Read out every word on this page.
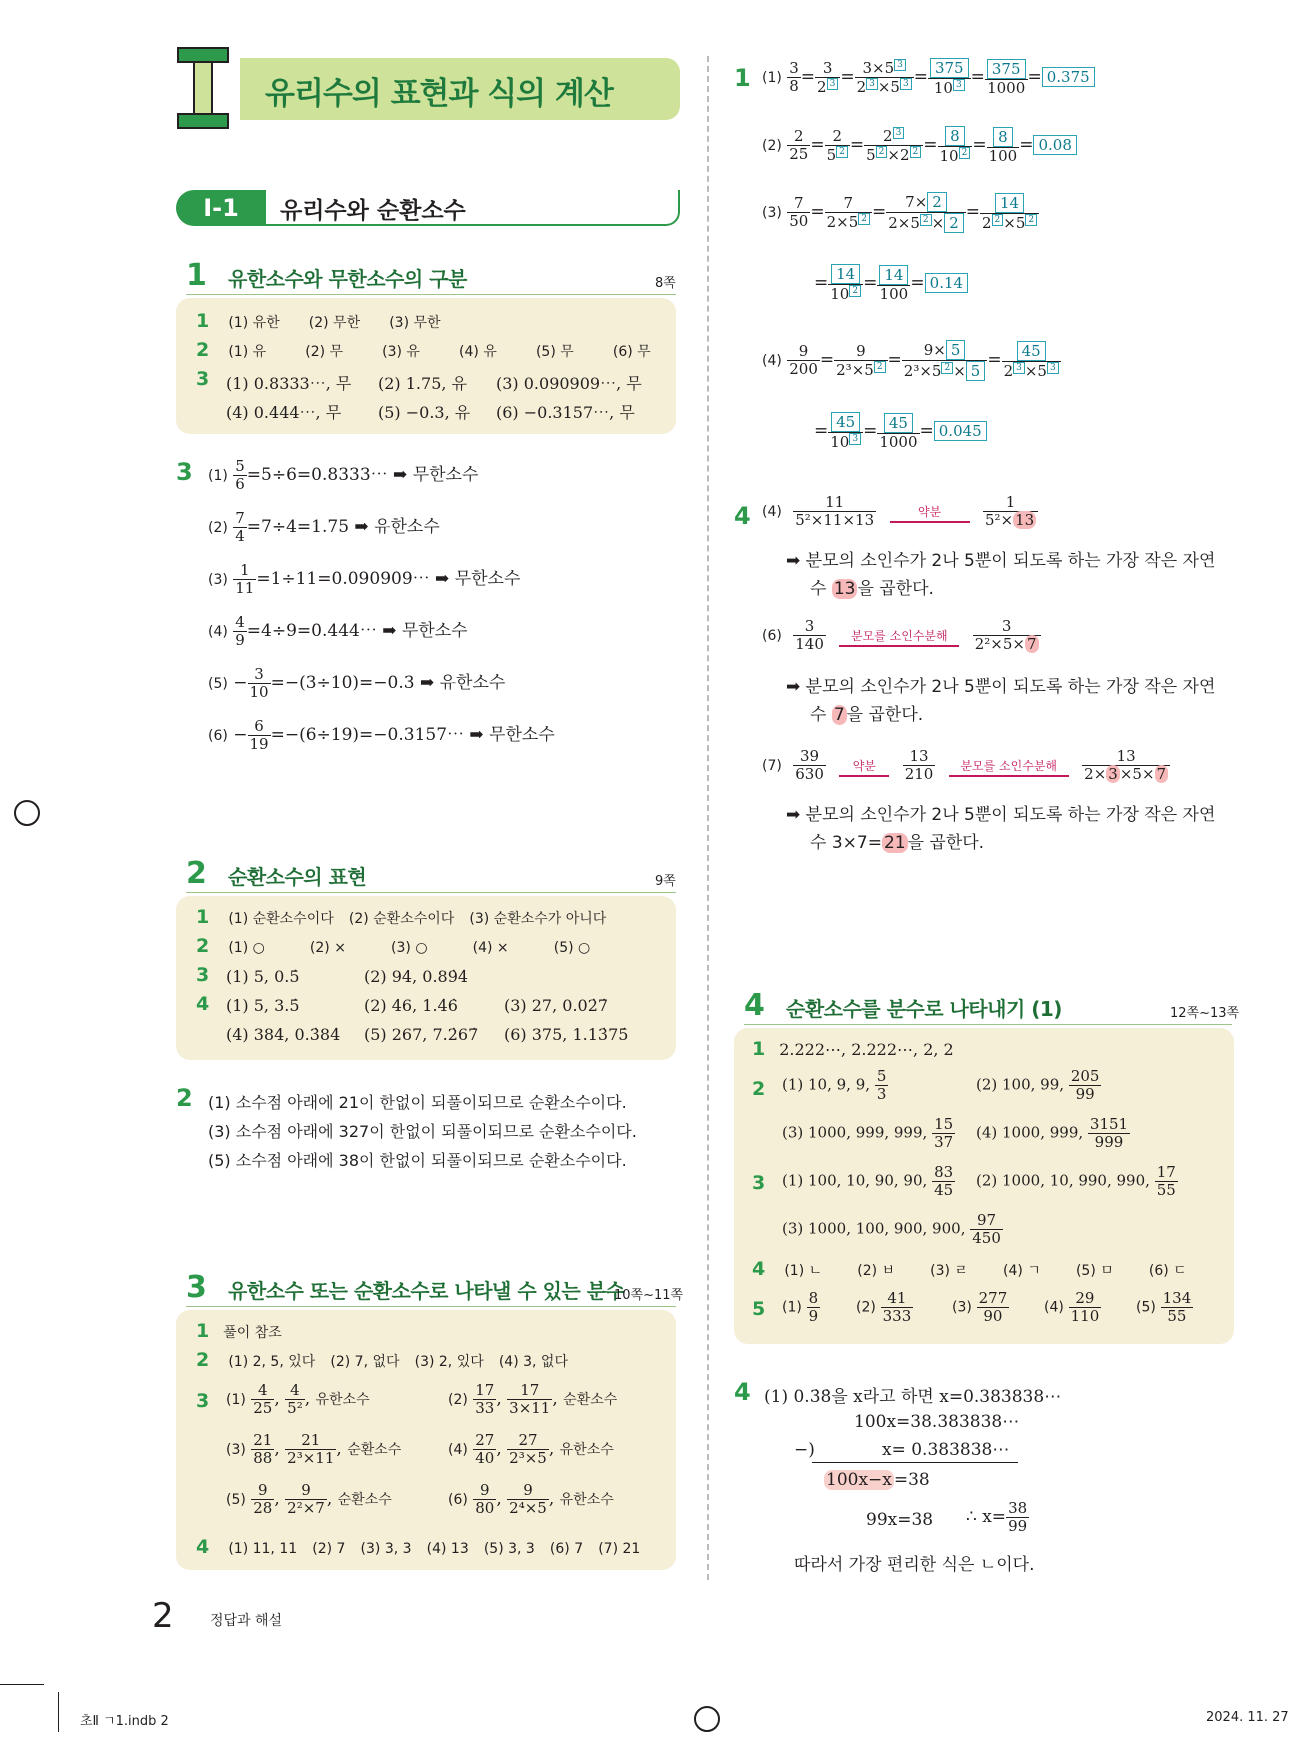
유리수의 표현과 식의 계산
I-1	유리수와 순환소수
1 유한소수와 무한소수의 구분	8쪽
1 (1) 유한 (2) 무한 (3) 무한
2 (1) 유	(2) 무	(3) 유	(4) 유	(5) 무	(6) 무
3 (1) 0.8333⋯, 무 (2) 1.75, 유 (3) 0.090909⋯, 무
(4) 0.444⋯, 무 (5) −0.3, 유 (6) −0.3157⋯, 무
3 $(1) \frac{5}{6}$ =5÷6=0.8333⋯ ➡ 무한소수
$(2) \frac{7}{4} =7\div 4=1.75$ ➡ 유한소수
$(3) \frac{1}{11}$ =1÷11=0.090909⋯ ➡ 무한소수
$(4) \frac{4}{9}$ =4÷9=0.444⋯ ➡ 무한소수
$(5) - \frac{3}{10} =-(3\div 10)=-0.3$ ➡ 유한소수
$(6) - \frac{6}{19}$ =−(6÷19)=−0.3157⋯ ➡ 무한소수
2 순환소수의 표현	9쪽
1 (1) 순환소수이다 (2) 순환소수이다 (3) 순환소수가 아니다
2 (1) ○	(2) ×	(3) ○	(4) ×	(5) ○
3 (1) 5, 0.5̇	(2) 94, 0.89̇4̇
4 (1) 5, 3.5̇	(2) 46, 1.4̇6̇	(3) 27, 0.02̇7̇
(4) 384, 0.3̇84̇ (5) 267, 7.2̇67̇ (6) 375, 1.13̇75̇
2 (1) 소수점 아래에 21이 한없이 되풀이되므로 순환소수이다.
(3) 소수점 아래에 327이 한없이 되풀이되므로 순환소수이다.
(5) 소수점 아래에 38이 한없이 되풀이되므로 순환소수이다.
3 유한소수 또는 순환소수로 나타낼 수 있는 분수
10쪽~11쪽
1 풀이 참조
2 (1) 2, 5, 있다 (2) 7, 없다 (3) 2, 있다 (4) 3, 없다
3 $(1) \frac{4}{25}$ , $\frac{4}{\text{5²}}$ , 유한소수	$(2) \frac{17}{33}$ , $\frac{17}{3\times 11}$ , 순환소수
$(3) \frac{21}{88}$ , $\frac{21}{\text{2³×11}}$ , 순환소수	$(4) \frac{27}{40}$ , $\frac{27}{\text{2³×5}}$ , 유한소수
$(5) \frac{9}{28}$ , $\frac{9}{\text{2²×7}}$ , 순환소수	$(6) \frac{9}{80}$ , $\frac{9}{\text{2⁴×5}}$ , 유한소수
4 (1) 11, 11 (2) 7 (3) 3, 3 (4) 13 (5) 3, 3 (6) 7 (7) 21
1 $(1) \frac{3}{8} = \frac{3}{2 3} = \frac{3\times 5 3}{2 3 \times 5 3} = \frac{375}{10 3} = \frac{375}{1000} = 0.375$
$(2) \frac{2}{25} = \frac{2}{5 2} = \frac{2 3}{5 2 \times 2 2} = \frac{8}{10 2} = \frac{8}{100} = 0.08$
$(3) \frac{7}{50} = \frac{7}{2\times 5 2} = \frac{7\times 2}{2\times 5 2 \times 2} = \frac{14}{2 2 \times 5 2}$
= $\frac{14}{10 2} = \frac{14}{100} = 0.14$
$(4) \frac{9}{200} = \frac{9}{\text{2³×5 2}} = \frac{9\times 5}{\text{2³×5 2 × 5}} = \frac{45}{2 3 \times 5 3}$
= $\frac{45}{10 3} = \frac{45}{1000} = 0.045$
4 $(4) \frac{11}{\text{5²×11×13}}$	약분
	$\frac{1}{\text{5²× 13}}$
➡ 분모의 소인수가 2나 5뿐이 되도록 하는 가장 작은 자연
수 13 을 곱한다.
$(6) \frac{3}{140}$ 분모를 소인수분해
$\frac{3}{\text{2²×5× 7}}$
➡ 분모의 소인수가 2나 5뿐이 되도록 하는 가장 작은 자연
수 7 을 곱한다.
$(7) \frac{39}{630}$ 약분
$\frac{13}{210}$ 분모를 소인수분해
$\frac{13}{2\times 3 \times 5\times 7}$
➡ 분모의 소인수가 2나 5뿐이 되도록 하는 가장 작은 자연
수 3×7= 21 을 곱한다.
4 순환소수를 분수로 나타내기 (1)	12쪽~13쪽
1 2.222⋯, 2.222⋯, 2, 2
2 (1) 10, 9, 9, $\frac{5}{3}$	(2) 100, 99, $\frac{205}{99}$
(3) 1000, 999, 999, $\frac{15}{37} (4)$ 1000, 999, $\frac{3151}{999}$
3 (1) 100, 10, 90, 90, $\frac{83}{45} (2)$ 1000, 10, 990, 990, $\frac{17}{55}$
(3) 1000, 100, 900, 900, $\frac{97}{450}$
4 (1) ㄴ	(2) ㅂ	(3) ㄹ	(4) ㄱ	(5) ㅁ	(6) ㄷ
5 $(1) \frac{8}{9}$	$(2) \frac{41}{333}$	$(3) \frac{277}{90} (4) \frac{29}{110} (5) \frac{134}{55}$
4 (1) 0.3̇8̇을 x라고 하면 x=0.383838⋯
100x=38.383838⋯
−)	x= 0.383838⋯
100x−x =38
99x=38 ∴ $x= \frac{38}{99}$
따라서 가장 편리한 식은 ㄴ이다.
2	정답과 해설
초Ⅱ ㄱ1.indb 2	2024. 11. 27
